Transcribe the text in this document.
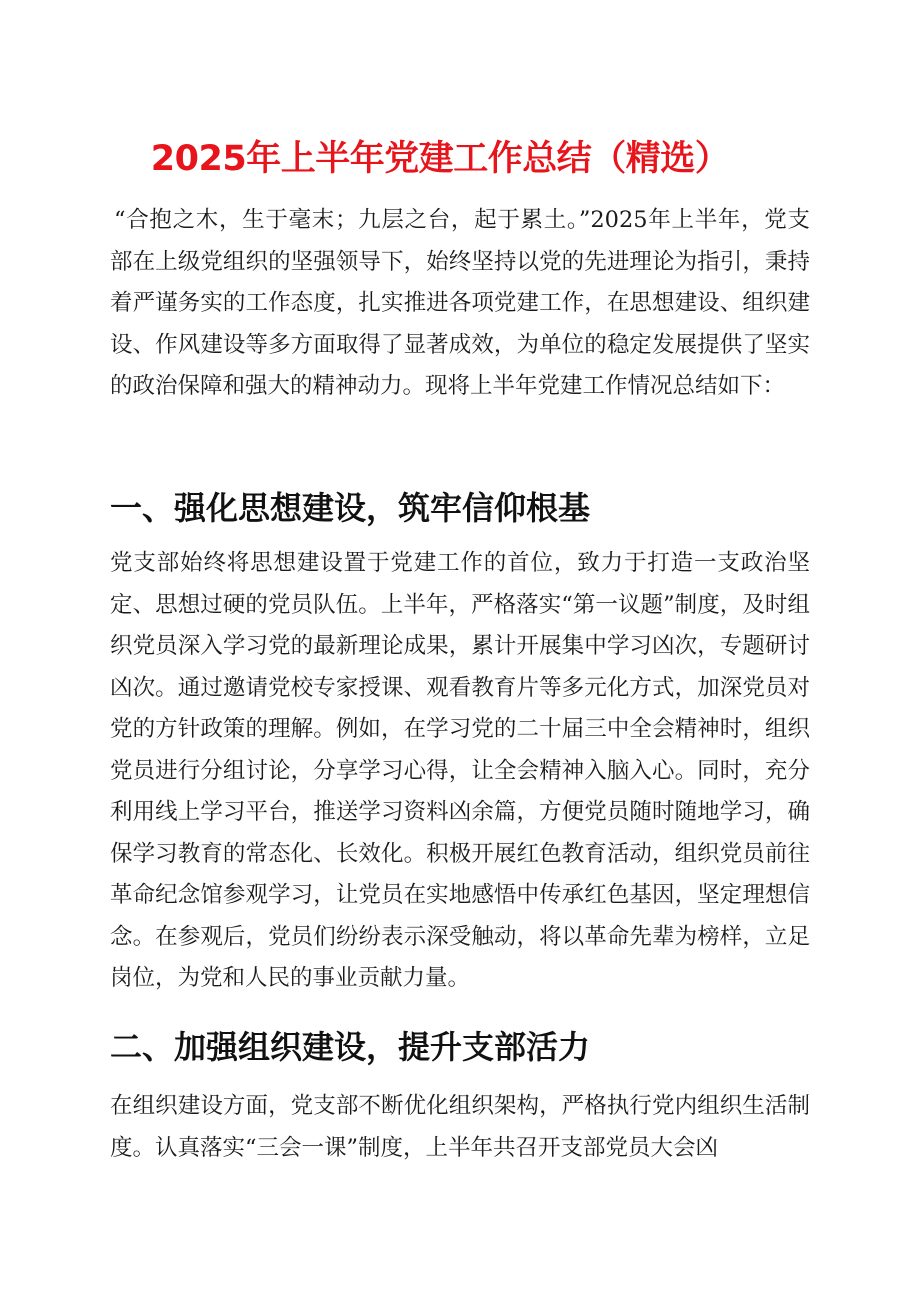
2025年上半年党建工作总结（精选）

“合抱之木，生于毫末；九层之台，起于累土。”2025年上半年，党支部在上级党组织的坚强领导下，始终坚持以党的先进理论为指引，秉持着严谨务实的工作态度，扎实推进各项党建工作，在思想建设、组织建设、作风建设等多方面取得了显著成效，为单位的稳定发展提供了坚实的政治保障和强大的精神动力。现将上半年党建工作情况总结如下：

一、强化思想建设，筑牢信仰根基

党支部始终将思想建设置于党建工作的首位，致力于打造一支政治坚定、思想过硬的党员队伍。上半年，严格落实“第一议题”制度，及时组织党员深入学习党的最新理论成果，累计开展集中学习凶次，专题研讨凶次。通过邀请党校专家授课、观看教育片等多元化方式，加深党员对党的方针政策的理解。例如，在学习党的二十届三中全会精神时，组织党员进行分组讨论，分享学习心得，让全会精神入脑入心。同时，充分利用线上学习平台，推送学习资料凶余篇，方便党员随时随地学习，确保学习教育的常态化、长效化。积极开展红色教育活动，组织党员前往革命纪念馆参观学习，让党员在实地感悟中传承红色基因，坚定理想信念。在参观后，党员们纷纷表示深受触动，将以革命先辈为榜样，立足岗位，为党和人民的事业贡献力量。

二、加强组织建设，提升支部活力

在组织建设方面，党支部不断优化组织架构，严格执行党内组织生活制度。认真落实“三会一课”制度，上半年共召开支部党员大会凶
